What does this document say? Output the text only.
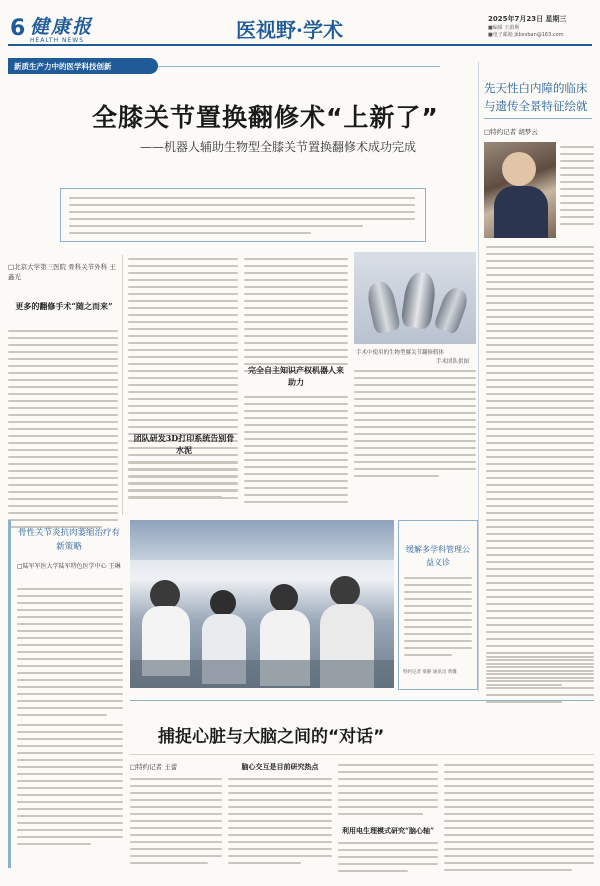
6 健康报
HEALTH NEWS	医视野·学术	2025年7月23日 星期三
■编辑 王蔚斯
■电子邮箱 jkbxsban@163.com
新质生产力中的医学科技创新
全膝关节置换翻修术“上新了”
——机器人辅助生物型全膝关节置换翻修术成功完成
先天性白内障的临床
与遗传全景特征绘就
□特约记者 胡梦云
□北京大学第三医院 骨科关节外科 王鑫光
更多的翻修手术“随之而来”
团队研发3D打印系统告别骨水泥
完全自主知识产权机器人来助力
手术中使用的生物型膝关节翻修假体
手术团队供图
骨性关节炎抗肉萎缩治疗有新策略
□陆军军医大学陆军特色医学中心 王琳
缓解多学科管理公益义诊
特约记者 梁静 通讯员 黄馨
捕捉心脏与大脑之间的“对话”
□特约记者 王蕾	脑心交互是目前研究热点
利用电生理模式研究“脑心轴”
